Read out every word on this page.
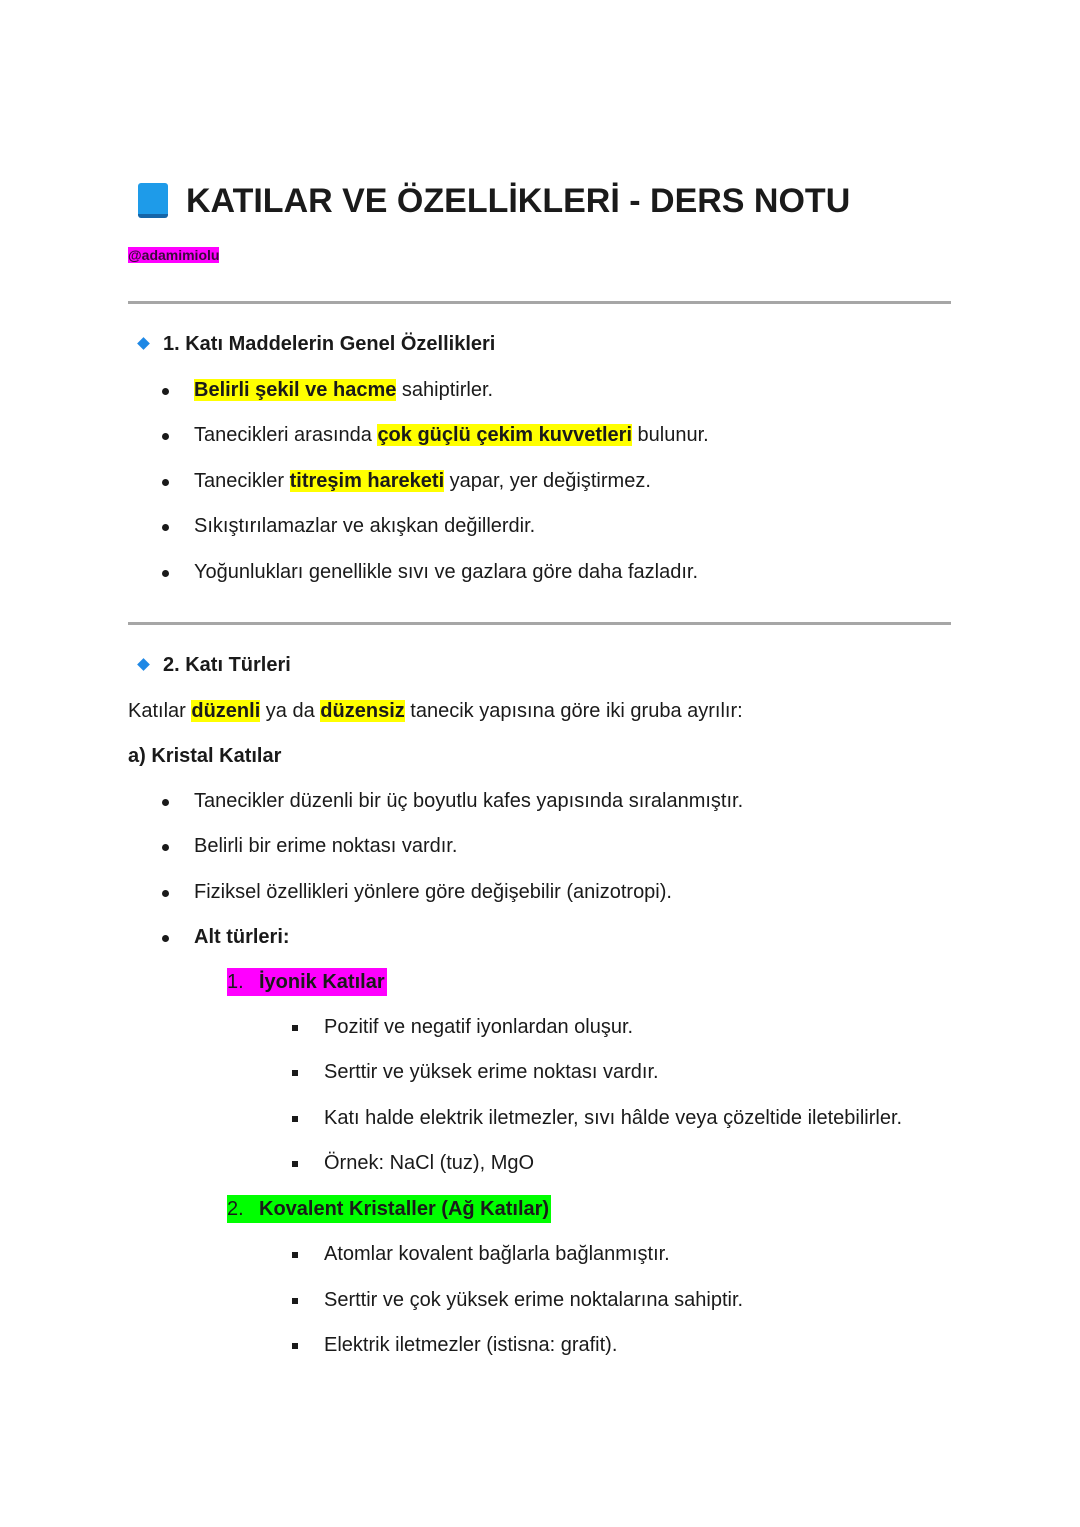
KATILAR VE ÖZELLİKLERİ - DERS NOTU
@adamimiolu
1. Katı Maddelerin Genel Özellikleri
Belirli şekil ve hacme sahiptirler.
Tanecikleri arasında çok güçlü çekim kuvvetleri bulunur.
Tanecikler titreşim hareketi yapar, yer değiştirmez.
Sıkıştırılamazlar ve akışkan değillerdir.
Yoğunlukları genellikle sıvı ve gazlara göre daha fazladır.
2. Katı Türleri
Katılar düzenli ya da düzensiz tanecik yapısına göre iki gruba ayrılır:
a) Kristal Katılar
Tanecikler düzenli bir üç boyutlu kafes yapısında sıralanmıştır.
Belirli bir erime noktası vardır.
Fiziksel özellikleri yönlere göre değişebilir (anizotropi).
Alt türleri:
1. İyonik Katılar
Pozitif ve negatif iyonlardan oluşur.
Serttir ve yüksek erime noktası vardır.
Katı halde elektrik iletmezler, sıvı hâlde veya çözeltide iletebilirler.
Örnek: NaCl (tuz), MgO
2. Kovalent Kristaller (Ağ Katılar)
Atomlar kovalent bağlarla bağlanmıştır.
Serttir ve çok yüksek erime noktalarına sahiptir.
Elektrik iletmezler (istisna: grafit).
